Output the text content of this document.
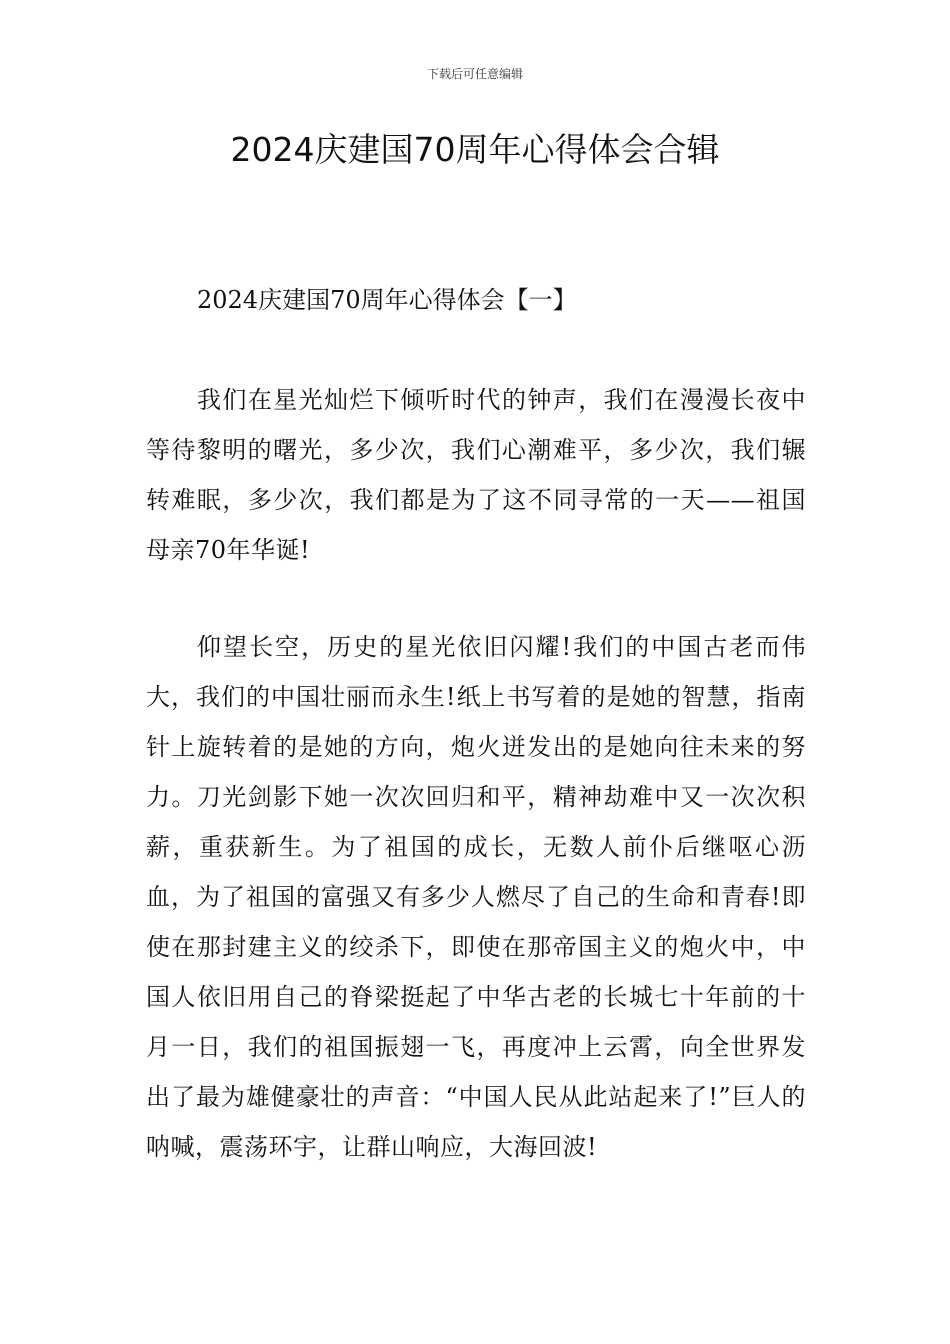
下载后可任意编辑
2024庆建国70周年心得体会合辑
2024庆建国70周年心得体会【一】

我们在星光灿烂下倾听时代的钟声，我们在漫漫长夜中等待黎明的曙光，多少次，我们心潮难平，多少次，我们辗转难眠，多少次，我们都是为了这不同寻常的一天——祖国母亲70年华诞!

仰望长空，历史的星光依旧闪耀!我们的中国古老而伟大，我们的中国壮丽而永生!纸上书写着的是她的智慧，指南针上旋转着的是她的方向，炮火迸发出的是她向往未来的努力。刀光剑影下她一次次回归和平，精神劫难中又一次次积薪，重获新生。为了祖国的成长，无数人前仆后继呕心沥血，为了祖国的富强又有多少人燃尽了自己的生命和青春!即使在那封建主义的绞杀下，即使在那帝国主义的炮火中，中国人依旧用自己的脊梁挺起了中华古老的长城七十年前的十月一日，我们的祖国振翅一飞，再度冲上云霄，向全世界发出了最为雄健豪壮的声音：“中国人民从此站起来了!”巨人的呐喊，震荡环宇，让群山响应，大海回波!
